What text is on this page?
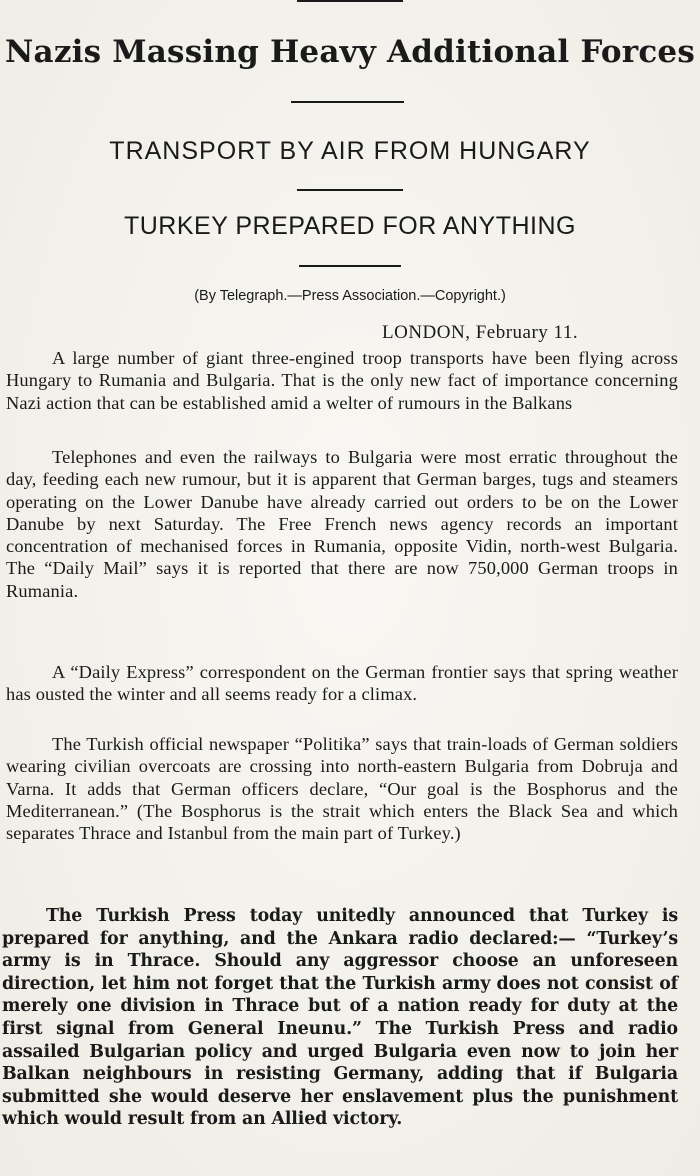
Nazis Massing Heavy Additional Forces
TRANSPORT BY AIR FROM HUNGARY
TURKEY PREPARED FOR ANYTHING
(By Telegraph.—Press Association.—Copyright.)
LONDON, February 11.

A large number of giant three-engined troop transports have been flying across Hungary to Rumania and Bulgaria. That is the only new fact of importance concerning Nazi action that can be established amid a welter of rumours in the Balkans

Telephones and even the railways to Bulgaria were most erratic throughout the day, feeding each new rumour, but it is apparent that German barges, tugs and steamers operating on the Lower Danube have already carried out orders to be on the Lower Danube by next Saturday. The Free French news agency records an important concentration of mechanised forces in Rumania, opposite Vidin, north-west Bulgaria. The “Daily Mail” says it is reported that there are now 750,000 German troops in Rumania.

A “Daily Express” correspondent on the German frontier says that spring weather has ousted the winter and all seems ready for a climax.

The Turkish official newspaper “Politika” says that train-loads of German soldiers wearing civilian overcoats are crossing into north-eastern Bulgaria from Dobruja and Varna. It adds that German officers declare, “Our goal is the Bosphorus and the Mediterranean.” (The Bosphorus is the strait which enters the Black Sea and which separates Thrace and Istanbul from the main part of Turkey.)

The Turkish Press today unitedly announced that Turkey is prepared for anything, and the Ankara radio declared:— “Turkey’s army is in Thrace. Should any aggressor choose an unforeseen direction, let him not forget that the Turkish army does not consist of merely one division in Thrace but of a nation ready for duty at the first signal from General Ineunu.” The Turkish Press and radio assailed Bulgarian policy and urged Bulgaria even now to join her Balkan neighbours in resisting Germany, adding that if Bulgaria submitted she would deserve her enslavement plus the punishment which would result from an Allied victory.
